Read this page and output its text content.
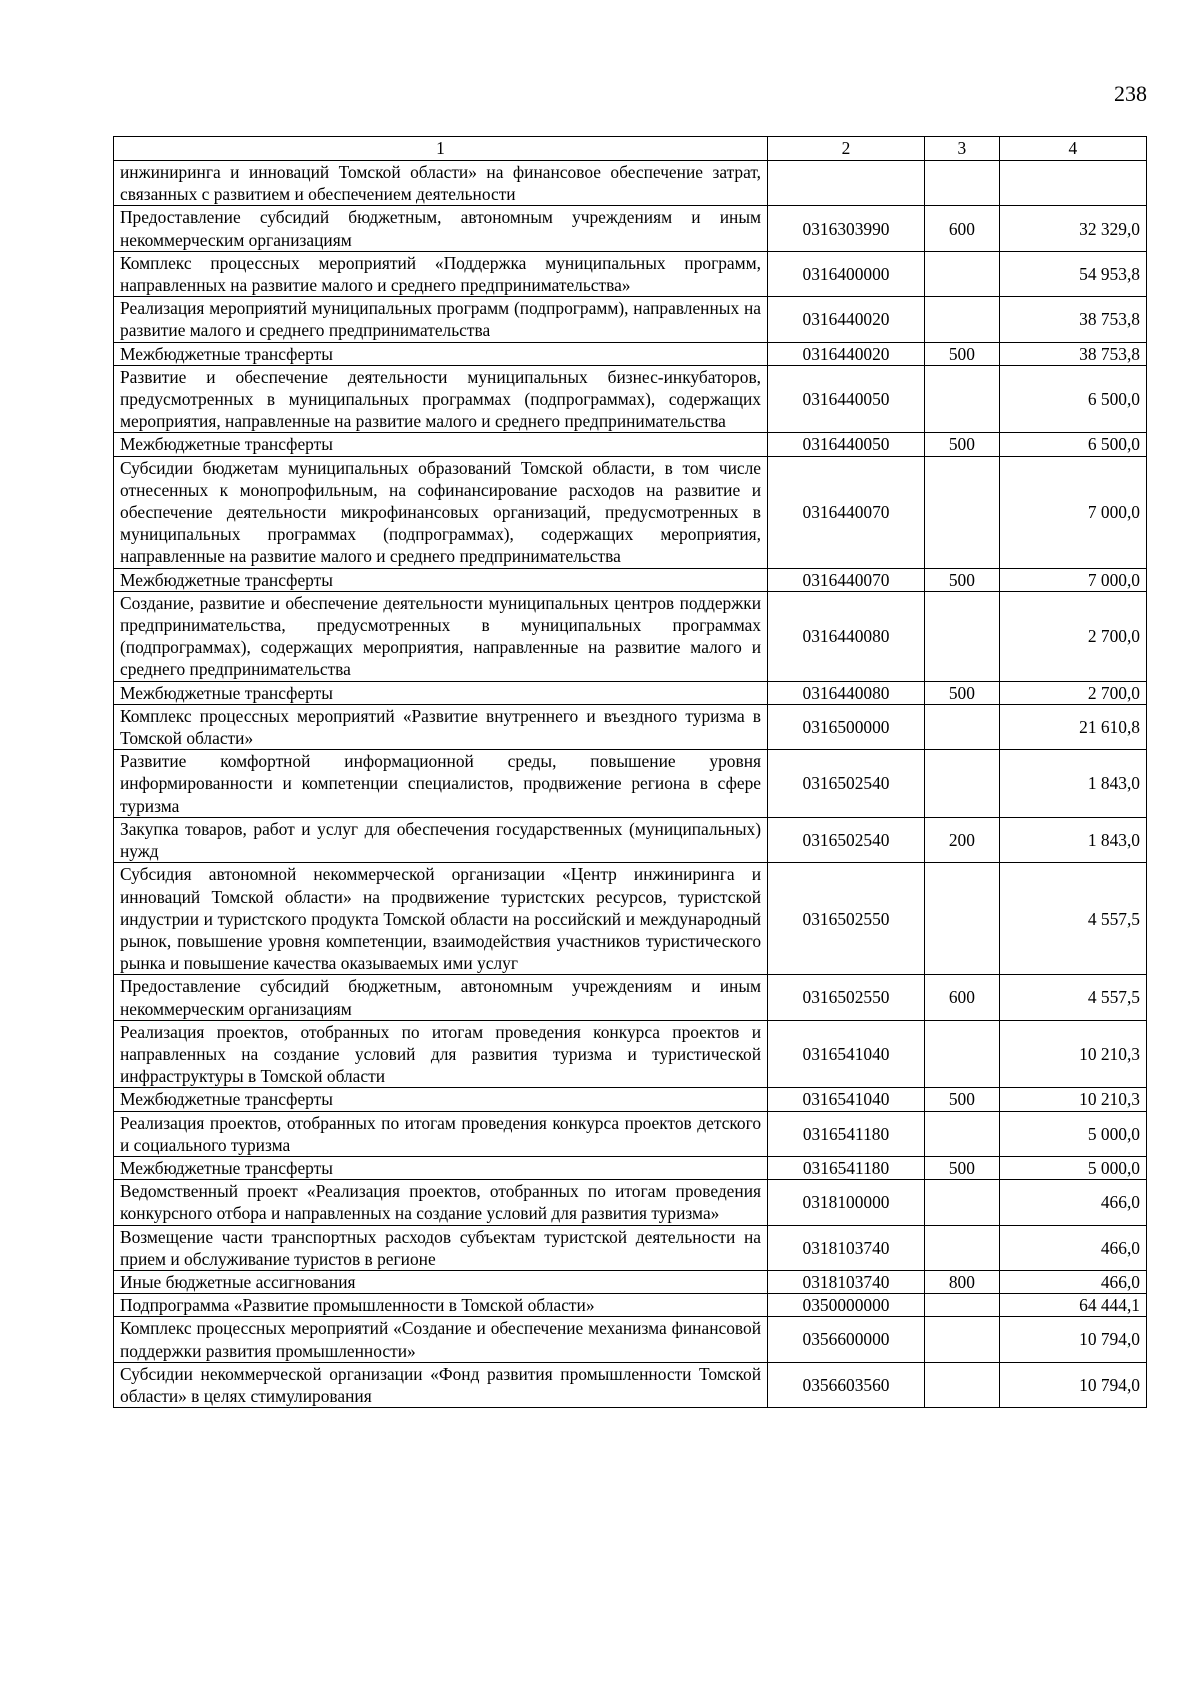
238
1	2	3	4
инжиниринга и инноваций Томской области» на финансовое обеспечение затрат, связанных с развитием и обеспечением деятельности			
Предоставление субсидий бюджетным, автономным учреждениям и иным некоммерческим организациям	0316303990	600	32 329,0
Комплекс процессных мероприятий «Поддержка муниципальных программ, направленных на развитие малого и среднего предпринимательства»	0316400000		54 953,8
Реализация мероприятий муниципальных программ (подпрограмм), направленных на развитие малого и среднего предпринимательства	0316440020		38 753,8
Межбюджетные трансферты	0316440020	500	38 753,8
Развитие и обеспечение деятельности муниципальных бизнес-инкубаторов, предусмотренных в муниципальных программах (подпрограммах), содержащих мероприятия, направленные на развитие малого и среднего предпринимательства	0316440050		6 500,0
Межбюджетные трансферты	0316440050	500	6 500,0
Субсидии бюджетам муниципальных образований Томской области, в том числе отнесенных к монопрофильным, на софинансирование расходов на развитие и обеспечение деятельности микрофинансовых организаций, предусмотренных в муниципальных программах (подпрограммах), содержащих мероприятия, направленные на развитие малого и среднего предпринимательства	0316440070		7 000,0
Межбюджетные трансферты	0316440070	500	7 000,0
Создание, развитие и обеспечение деятельности муниципальных центров поддержки предпринимательства, предусмотренных в муниципальных программах (подпрограммах), содержащих мероприятия, направленные на развитие малого и среднего предпринимательства	0316440080		2 700,0
Межбюджетные трансферты	0316440080	500	2 700,0
Комплекс процессных мероприятий «Развитие внутреннего и въездного туризма в Томской области»	0316500000		21 610,8
Развитие комфортной информационной среды, повышение уровня информированности и компетенции специалистов, продвижение региона в сфере туризма	0316502540		1 843,0
Закупка товаров, работ и услуг для обеспечения государственных (муниципальных) нужд	0316502540	200	1 843,0
Субсидия автономной некоммерческой организации «Центр инжиниринга и инноваций Томской области» на продвижение туристских ресурсов, туристской индустрии и туристского продукта Томской области на российский и международный рынок, повышение уровня компетенции, взаимодействия участников туристического рынка и повышение качества оказываемых ими услуг	0316502550		4 557,5
Предоставление субсидий бюджетным, автономным учреждениям и иным некоммерческим организациям	0316502550	600	4 557,5
Реализация проектов, отобранных по итогам проведения конкурса проектов и направленных на создание условий для развития туризма и туристической инфраструктуры в Томской области	0316541040		10 210,3
Межбюджетные трансферты	0316541040	500	10 210,3
Реализация проектов, отобранных по итогам проведения конкурса проектов детского и социального туризма	0316541180		5 000,0
Межбюджетные трансферты	0316541180	500	5 000,0
Ведомственный проект «Реализация проектов, отобранных по итогам проведения конкурсного отбора и направленных на создание условий для развития туризма»	0318100000		466,0
Возмещение части транспортных расходов субъектам туристской деятельности на прием и обслуживание туристов в регионе	0318103740		466,0
Иные бюджетные ассигнования	0318103740	800	466,0
Подпрограмма «Развитие промышленности в Томской области»	0350000000		64 444,1
Комплекс процессных мероприятий «Создание и обеспечение механизма финансовой поддержки развития промышленности»	0356600000		10 794,0
Субсидии некоммерческой организации «Фонд развития промышленности Томской области» в целях стимулирования	0356603560		10 794,0
